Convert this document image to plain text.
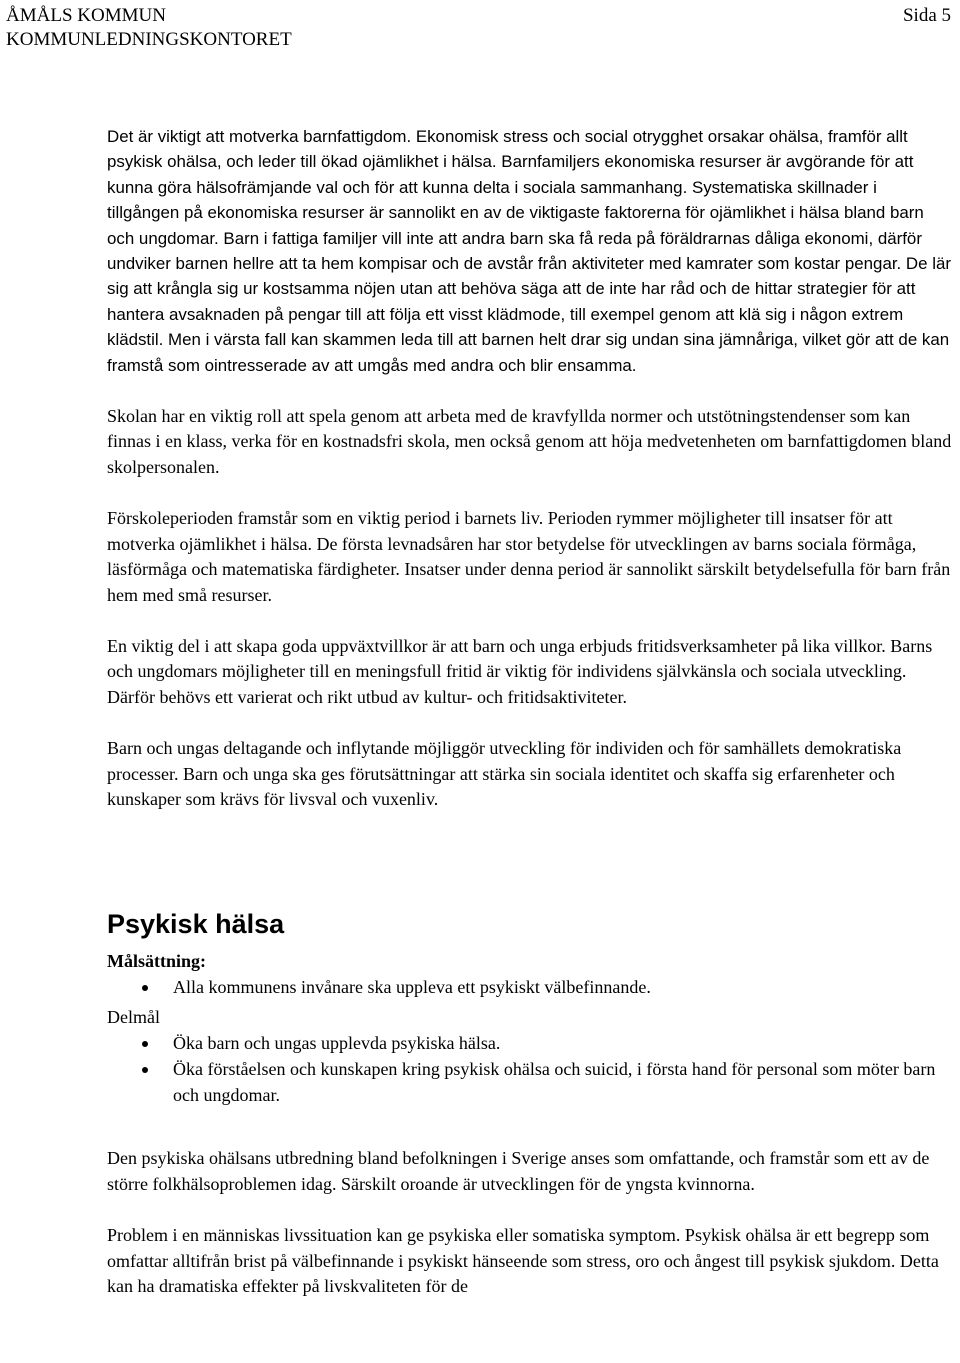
ÅMÅLS KOMMUN
KOMMUNLEDNINGSKONTORET
Sida 5

Det är viktigt att motverka barnfattigdom. Ekonomisk stress och social otrygghet orsakar ohälsa, framför allt psykisk ohälsa, och leder till ökad ojämlikhet i hälsa. Barnfamiljers ekonomiska resurser är avgörande för att kunna göra hälsofrämjande val och för att kunna delta i sociala sammanhang. Systematiska skillnader i tillgången på ekonomiska resurser är sannolikt en av de viktigaste faktorerna för ojämlikhet i hälsa bland barn och ungdomar. Barn i fattiga familjer vill inte att andra barn ska få reda på föräldrarnas dåliga ekonomi, därför undviker barnen hellre att ta hem kompisar och de avstår från aktiviteter med kamrater som kostar pengar. De lär sig att krångla sig ur kostsamma nöjen utan att behöva säga att de inte har råd och de hittar strategier för att hantera avsaknaden på pengar till att följa ett visst klädmode, till exempel genom att klä sig i någon extrem klädstil. Men i värsta fall kan skammen leda till att barnen helt drar sig undan sina jämnåriga, vilket gör att de kan framstå som ointresserade av att umgås med andra och blir ensamma.

Skolan har en viktig roll att spela genom att arbeta med de kravfyllda normer och utstötningstendenser som kan finnas i en klass, verka för en kostnadsfri skola, men också genom att höja medvetenheten om barnfattigdomen bland skolpersonalen.

Förskoleperioden framstår som en viktig period i barnets liv. Perioden rymmer möjligheter till insatser för att motverka ojämlikhet i hälsa. De första levnadsåren har stor betydelse för utvecklingen av barns sociala förmåga, läsförmåga och matematiska färdigheter. Insatser under denna period är sannolikt särskilt betydelsefulla för barn från hem med små resurser.

En viktig del i att skapa goda uppväxtvillkor är att barn och unga erbjuds fritidsverksamheter på lika villkor. Barns och ungdomars möjligheter till en meningsfull fritid är viktig för individens självkänsla och sociala utveckling. Därför behövs ett varierat och rikt utbud av kultur- och fritidsaktiviteter.

Barn och ungas deltagande och inflytande möjliggör utveckling för individen och för samhällets demokratiska processer. Barn och unga ska ges förutsättningar att stärka sin sociala identitet och skaffa sig erfarenheter och kunskaper som krävs för livsval och vuxenliv.

Psykisk hälsa
Målsättning:
Alla kommunens invånare ska uppleva ett psykiskt välbefinnande.
Delmål
Öka barn och ungas upplevda psykiska hälsa.
Öka förståelsen och kunskapen kring psykisk ohälsa och suicid, i första hand för personal som möter barn och ungdomar.

Den psykiska ohälsans utbredning bland befolkningen i Sverige anses som omfattande, och framstår som ett av de större folkhälsoproblemen idag. Särskilt oroande är utvecklingen för de yngsta kvinnorna.

Problem i en människas livssituation kan ge psykiska eller somatiska symptom. Psykisk ohälsa är ett begrepp som omfattar alltifrån brist på välbefinnande i psykiskt hänseende som stress, oro och ångest till psykisk sjukdom. Detta kan ha dramatiska effekter på livskvaliteten för de
